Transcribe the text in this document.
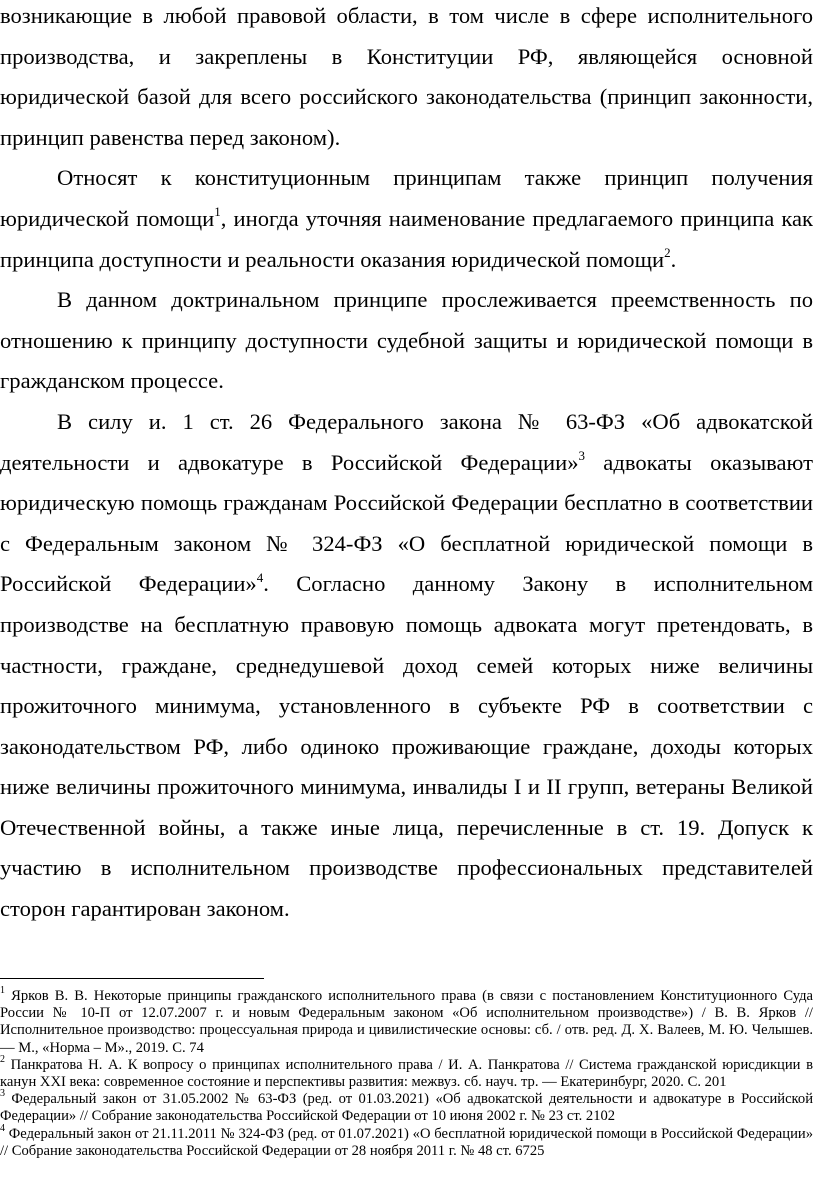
возникающие в любой правовой области, в том числе в сфере исполнительного производства, и закреплены в Конституции РФ, являющейся основной юридической базой для всего российского законодательства (принцип законности, принцип равенства перед законом).

Относят к конституционным принципам также принцип получения юридической помощи$^1$, иногда уточняя наименование предлагаемого принципа как принципа доступности и реальности оказания юридической помощи$^2$.

В данном доктринальном принципе прослеживается преемственность по отношению к принципу доступности судебной защиты и юридической помощи в гражданском процессе.

В силу и. 1 ст. 26 Федерального закона № 63-ФЗ «Об адвокатской деятельности и адвокатуре в Российской Федерации»$^3$ адвокаты оказывают юридическую помощь гражданам Российской Федерации бесплатно в соответствии с Федеральным законом № 324-ФЗ «О бесплатной юридической помощи в Российской Федерации»$^4$. Согласно данному Закону в исполнительном производстве на бесплатную правовую помощь адвоката могут претендовать, в частности, граждане, среднедушевой доход семей которых ниже величины прожиточного минимума, установленного в субъекте РФ в соответствии с законодательством РФ, либо одиноко проживающие граждане, доходы которых ниже величины прожиточного минимума, инвалиды I и II групп, ветераны Великой Отечественной войны, а также иные лица, перечисленные в ст. 19. Допуск к участию в исполнительном производстве профессиональных представителей сторон гарантирован законом.

$^1$ Ярков В. В. Некоторые принципы гражданского исполнительного права (в связи с постановлением Конституционного Суда России № 10-П от 12.07.2007 г. и новым Федеральным законом «Об исполнительном производстве») / В. В. Ярков // Исполнительное производство: процессуальная природа и цивилистические основы: сб. / отв. ред. Д. Х. Валеев, М. Ю. Челышев. — М., «Норма – М»., 2019. С. 74

$^2$ Панкратова Н. А. К вопросу о принципах исполнительного права / И. А. Панкратова // Система гражданской юрисдикции в канун XXI века: современное состояние и перспективы развития: межвуз. сб. науч. тр. — Екатеринбург, 2020. С. 201

$^3$ Федеральный закон от 31.05.2002 № 63-ФЗ (ред. от 01.03.2021) «Об адвокатской деятельности и адвокатуре в Российской Федерации» // Собрание законодательства Российской Федерации от 10 июня 2002 г. № 23 ст. 2102

$^4$ Федеральный закон от 21.11.2011 № 324-ФЗ (ред. от 01.07.2021) «О бесплатной юридической помощи в Российской Федерации» // Собрание законодательства Российской Федерации от 28 ноября 2011 г. № 48 ст. 6725
